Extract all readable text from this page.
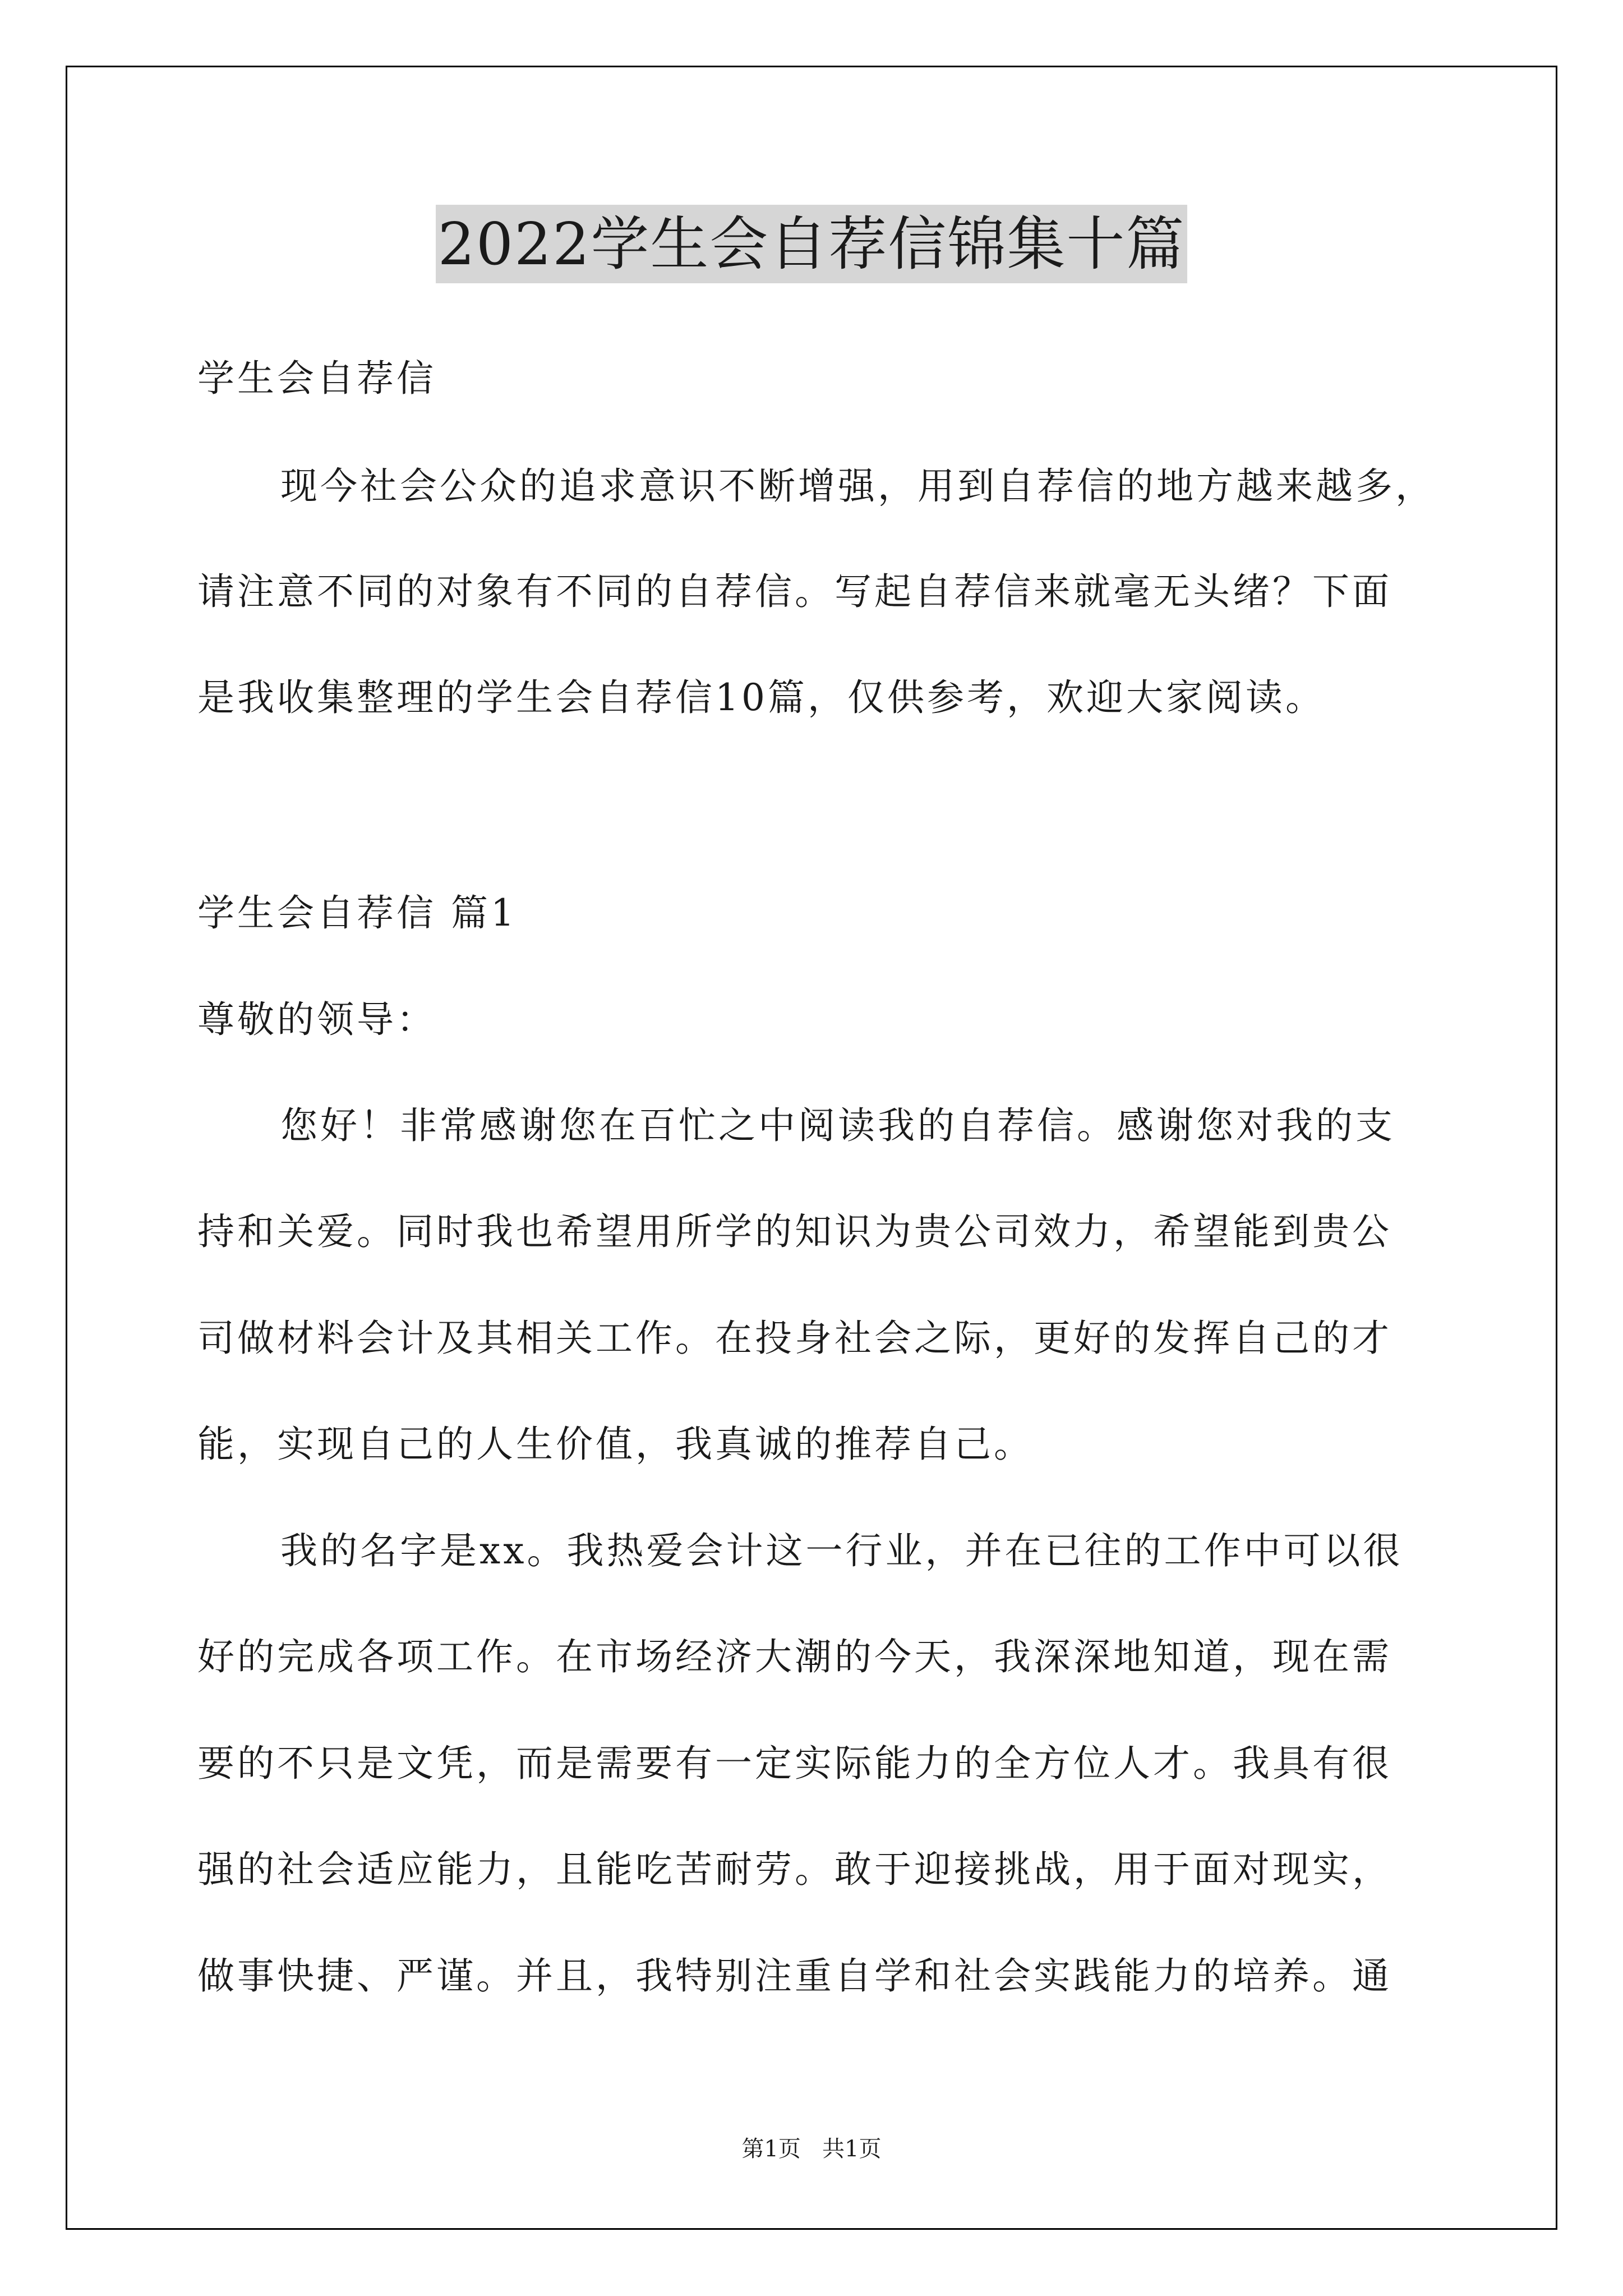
2022学生会自荐信锦集十篇
学生会自荐信
现今社会公众的追求意识不断增强，用到自荐信的地方越来越多，
请注意不同的对象有不同的自荐信。写起自荐信来就毫无头绪？下面
是我收集整理的学生会自荐信10篇，仅供参考，欢迎大家阅读。
学生会自荐信 篇1
尊敬的领导：
您好！非常感谢您在百忙之中阅读我的自荐信。感谢您对我的支
持和关爱。同时我也希望用所学的知识为贵公司效力，希望能到贵公
司做材料会计及其相关工作。在投身社会之际，更好的发挥自己的才
能，实现自己的人生价值，我真诚的推荐自己。
我的名字是xx。我热爱会计这一行业，并在已往的工作中可以很
好的完成各项工作。在市场经济大潮的今天，我深深地知道，现在需
要的不只是文凭，而是需要有一定实际能力的全方位人才。我具有很
强的社会适应能力，且能吃苦耐劳。敢于迎接挑战，用于面对现实，
做事快捷、严谨。并且，我特别注重自学和社会实践能力的培养。通
第1页   共1页
